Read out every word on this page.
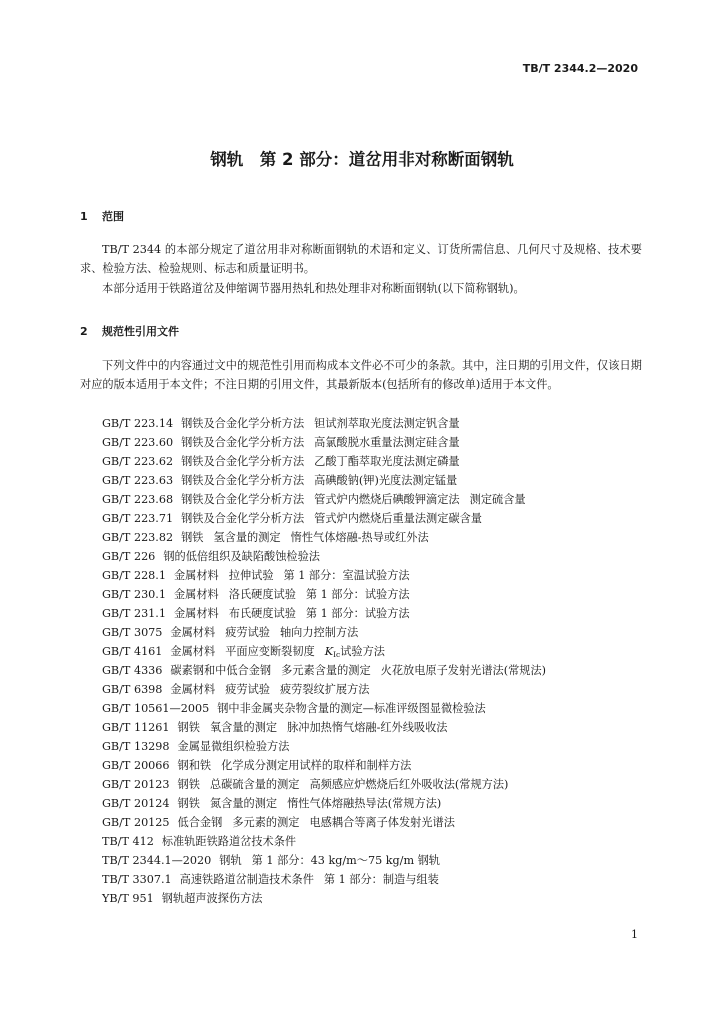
TB/T 2344.2—2020
钢轨　第 2 部分：道岔用非对称断面钢轨
1 范围
TB/T 2344 的本部分规定了道岔用非对称断面钢轨的术语和定义、订货所需信息、几何尺寸及规格、技术要求、检验方法、检验规则、标志和质量证明书。
本部分适用于铁路道岔及伸缩调节器用热轧和热处理非对称断面钢轨(以下简称钢轨)。
2 规范性引用文件
下列文件中的内容通过文中的规范性引用而构成本文件必不可少的条款。其中，注日期的引用文件，仅该日期对应的版本适用于本文件；不注日期的引用文件，其最新版本(包括所有的修改单)适用于本文件。
GB/T 223.14 钢铁及合金化学分析方法 钽试剂萃取光度法测定钒含量
GB/T 223.60 钢铁及合金化学分析方法 高氯酸脱水重量法测定硅含量
GB/T 223.62 钢铁及合金化学分析方法 乙酸丁酯萃取光度法测定磷量
GB/T 223.63 钢铁及合金化学分析方法 高碘酸钠(钾)光度法测定锰量
GB/T 223.68 钢铁及合金化学分析方法 管式炉内燃烧后碘酸钾滴定法 测定硫含量
GB/T 223.71 钢铁及合金化学分析方法 管式炉内燃烧后重量法测定碳含量
GB/T 223.82 钢铁 氢含量的测定 惰性气体熔融-热导或红外法
GB/T 226 钢的低倍组织及缺陷酸蚀检验法
GB/T 228.1 金属材料 拉伸试验 第 1 部分：室温试验方法
GB/T 230.1 金属材料 洛氏硬度试验 第 1 部分：试验方法
GB/T 231.1 金属材料 布氏硬度试验 第 1 部分：试验方法
GB/T 3075 金属材料 疲劳试验 轴向力控制方法
GB/T 4161 金属材料 平面应变断裂韧度 $K_{Ic}$试验方法
GB/T 4336 碳素钢和中低合金钢 多元素含量的测定 火花放电原子发射光谱法(常规法)
GB/T 6398 金属材料 疲劳试验 疲劳裂纹扩展方法
GB/T 10561—2005 钢中非金属夹杂物含量的测定—标准评级图显微检验法
GB/T 11261 钢铁 氧含量的测定 脉冲加热惰气熔融-红外线吸收法
GB/T 13298 金属显微组织检验方法
GB/T 20066 钢和铁 化学成分测定用试样的取样和制样方法
GB/T 20123 钢铁 总碳硫含量的测定 高频感应炉燃烧后红外吸收法(常规方法)
GB/T 20124 钢铁 氮含量的测定 惰性气体熔融热导法(常规方法)
GB/T 20125 低合金钢 多元素的测定 电感耦合等离子体发射光谱法
TB/T 412 标准轨距铁路道岔技术条件
TB/T 2344.1—2020 钢轨 第 1 部分：43 kg/m～75 kg/m 钢轨
TB/T 3307.1 高速铁路道岔制造技术条件 第 1 部分：制造与组装
YB/T 951 钢轨超声波探伤方法
1
